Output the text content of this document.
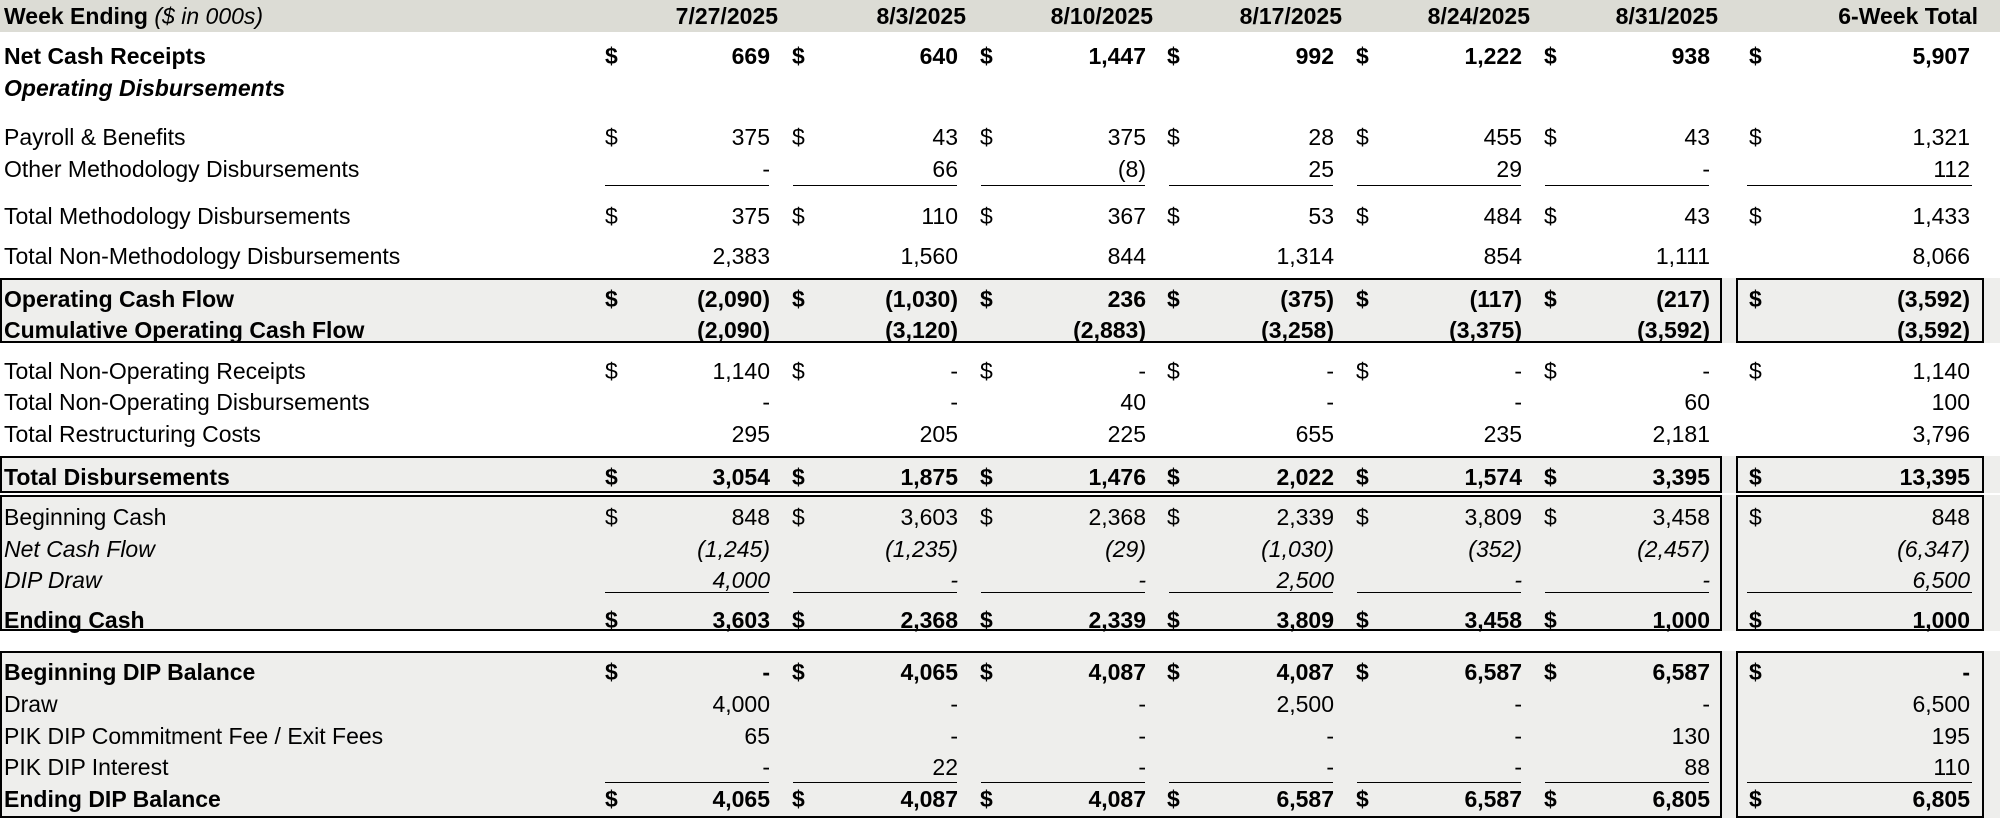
Week Ending ($ in 000s)	7/27/2025	8/3/2025	8/10/2025	8/17/2025	8/24/2025	8/31/2025	6-Week Total
Net Cash Receipts	$	669 $	640 $	1,447 $	992 $	1,222 $	938 $	5,907
Operating Disbursements
Payroll & Benefits	$	375 $	43 $	375 $	28 $	455 $	43 $	1,321
Other Methodology Disbursements	-	66	(8)	25	29	-	112
Total Methodology Disbursements	$	375 $	110 $	367 $	53 $	484 $	43 $	1,433
Total Non-Methodology Disbursements	2,383	1,560	844	1,314	854	1,111	8,066
Operating Cash Flow	$	(2,090) $	(1,030) $	236 $	(375) $	(117) $	(217) $	(3,592)
Cumulative Operating Cash Flow	(2,090)	(3,120)	(2,883)	(3,258)	(3,375)	(3,592)	(3,592)
Total Non-Operating Receipts	$	1,140 $	- $	- $	- $	- $	- $	1,140
Total Non-Operating Disbursements	-	-	40	-	-	60	100
Total Restructuring Costs	295	205	225	655	235	2,181	3,796
Total Disbursements	$	3,054 $	1,875 $	1,476 $	2,022 $	1,574 $	3,395 $	13,395
Beginning Cash	$	848 $	3,603 $	2,368 $	2,339 $	3,809 $	3,458 $	848
Net Cash Flow	(1,245)	(1,235)	(29)	(1,030)	(352)	(2,457)	(6,347)
DIP Draw	4,000	-	-	2,500	-	-	6,500
Ending Cash	$	3,603 $	2,368 $	2,339 $	3,809 $	3,458 $	1,000 $	1,000
Beginning DIP Balance	$	- $	4,065 $	4,087 $	4,087 $	6,587 $	6,587 $	-
Draw	4,000	-	-	2,500	-	-	6,500
PIK DIP Commitment Fee / Exit Fees	65	-	-	-	-	130	195
PIK DIP Interest	-	22	-	-	-	88	110
Ending DIP Balance	$	4,065 $	4,087 $	4,087 $	6,587 $	6,587 $	6,805 $	6,805
